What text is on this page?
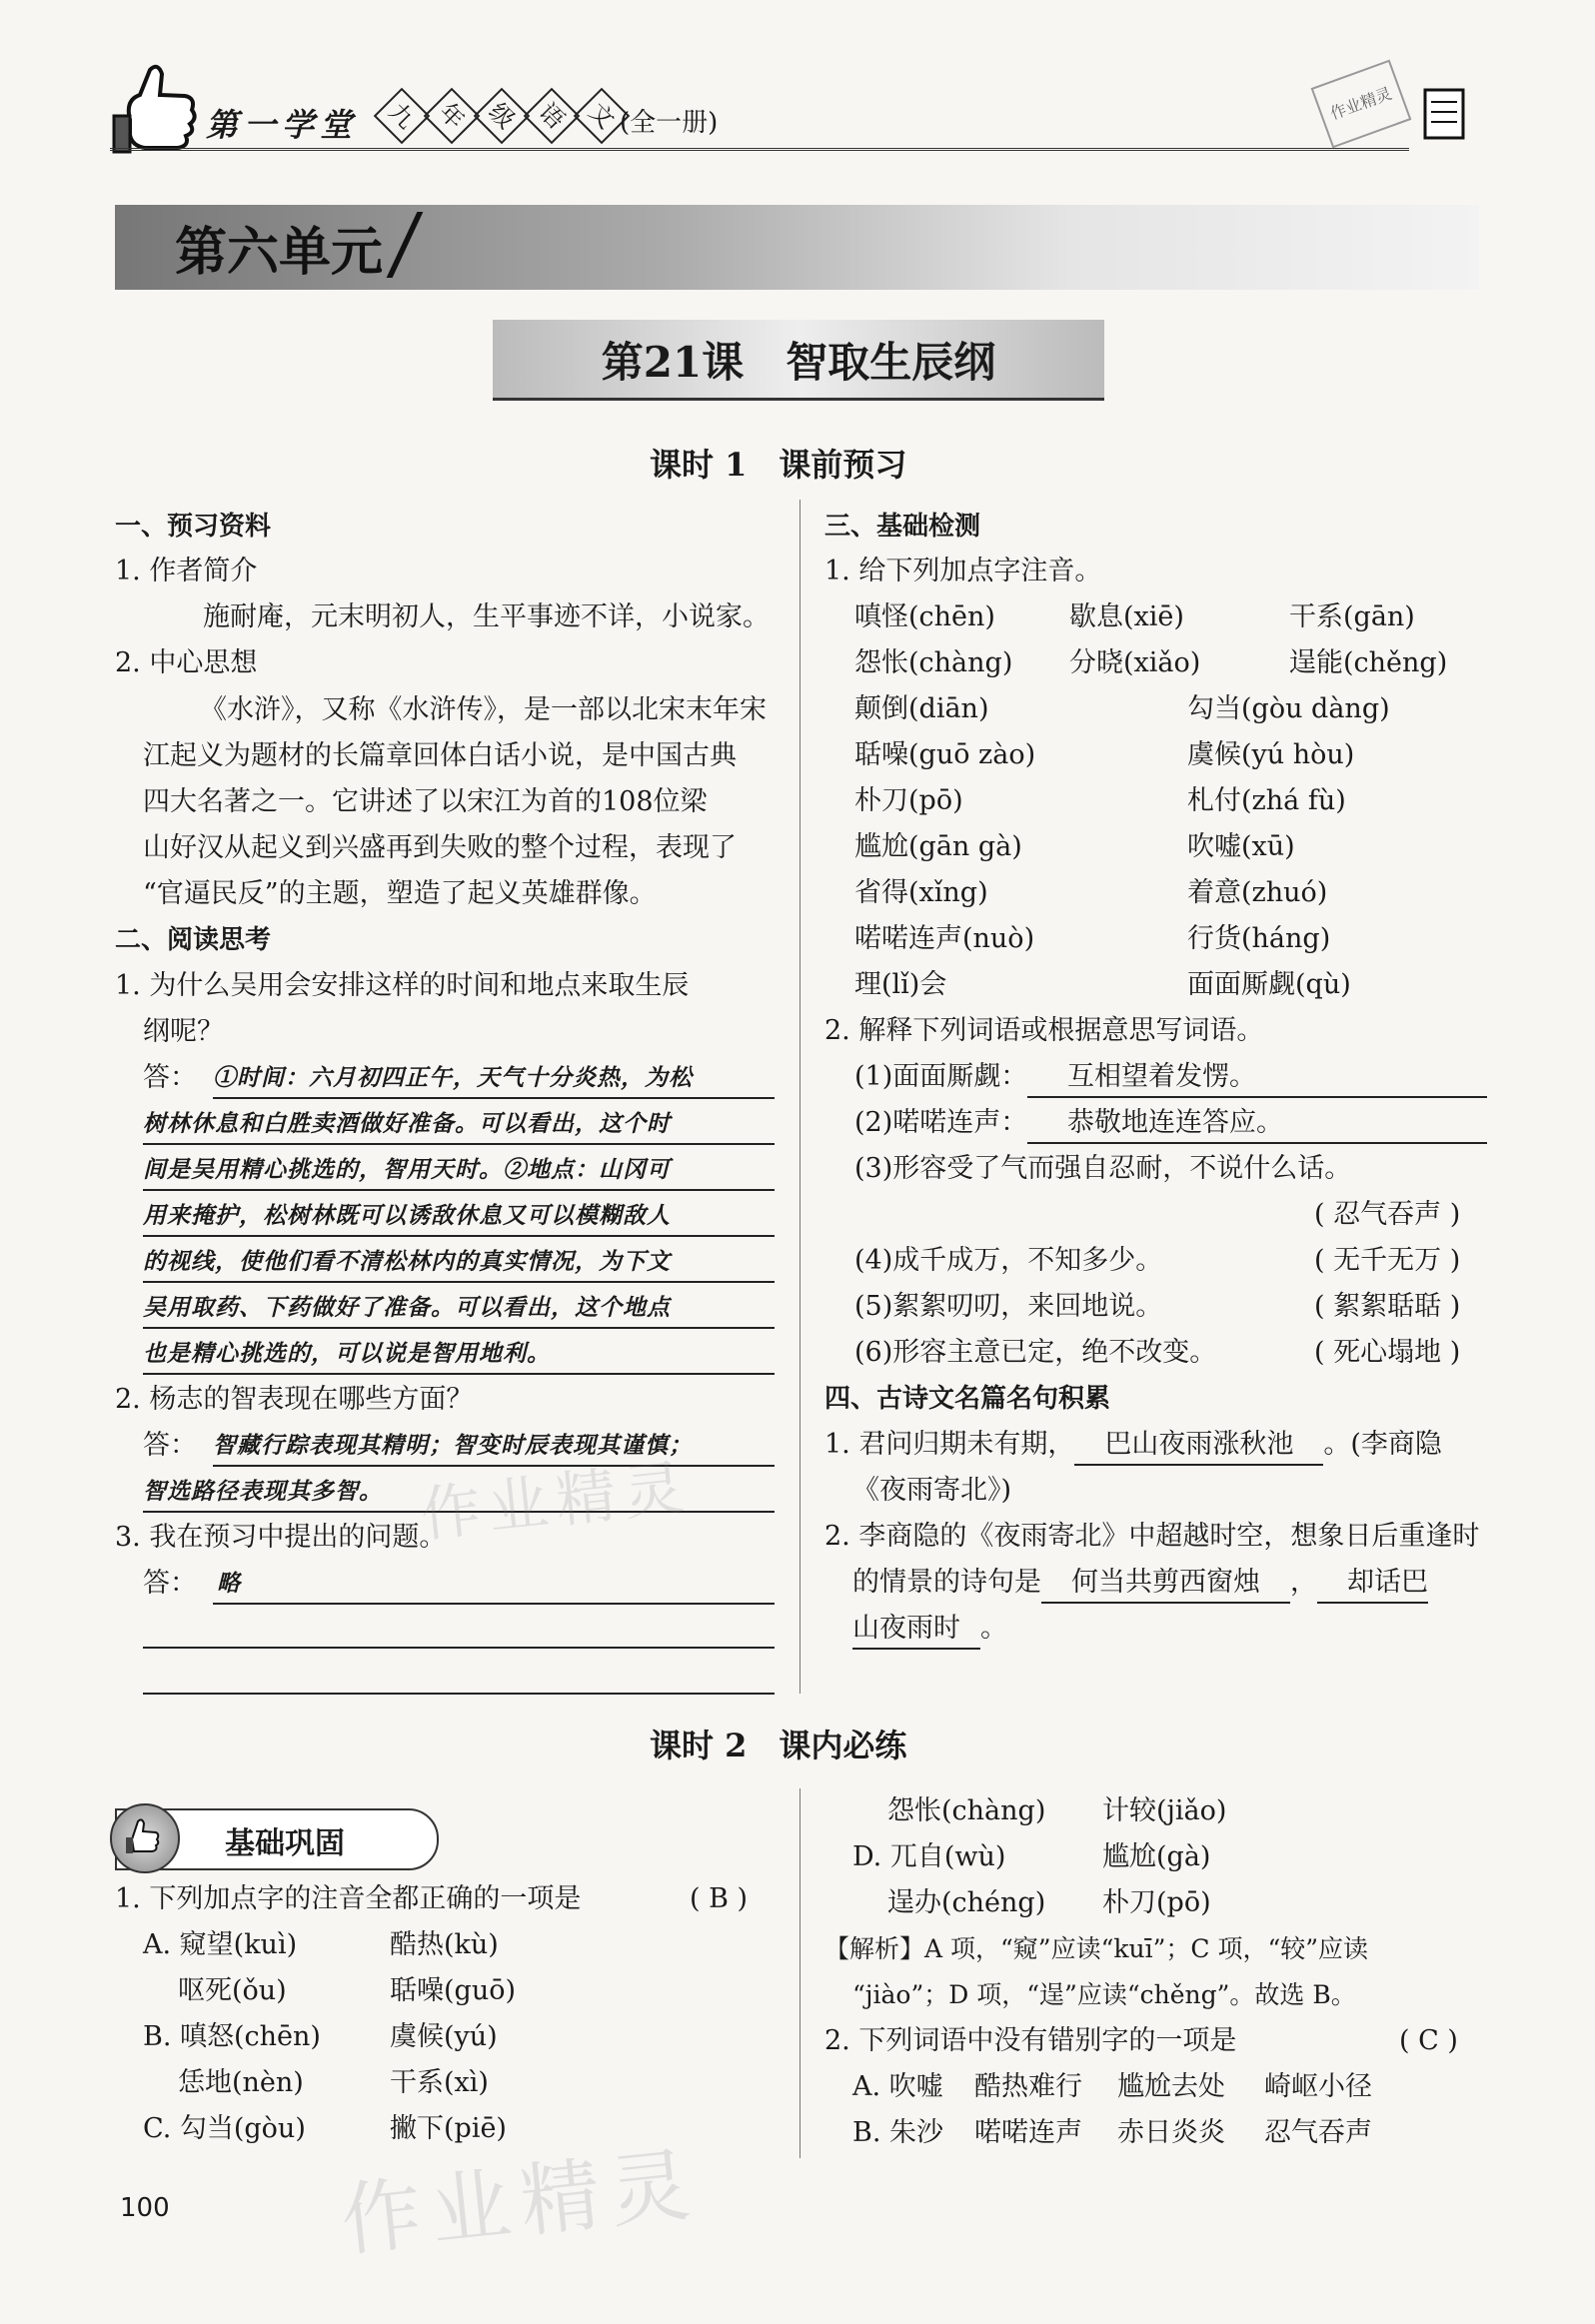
第一学堂	九 年 级 语 文 (全一册)	作业精灵
第六单元
第21课　智取生辰纲
课时 1　课前预习
一、预习资料
1. 作者简介
施耐庵，元末明初人，生平事迹不详，小说家。
2. 中心思想
《水浒》，又称《水浒传》，是一部以北宋末年宋
江起义为题材的长篇章回体白话小说，是中国古典
四大名著之一。它讲述了以宋江为首的108位梁
山好汉从起义到兴盛再到失败的整个过程，表现了
“官逼民反”的主题，塑造了起义英雄群像。
二、阅读思考
1. 为什么吴用会安排这样的时间和地点来取生辰
纲呢？
答： ①时间：六月初四正午，天气十分炎热，为松
树林休息和白胜卖酒做好准备。可以看出，这个时
间是吴用精心挑选的，智用天时。②地点：山冈可
用来掩护，松树林既可以诱敌休息又可以模糊敌人
的视线，使他们看不清松林内的真实情况，为下文
吴用取药、下药做好了准备。可以看出，这个地点
也是精心挑选的，可以说是智用地利。
2. 杨志的智表现在哪些方面？
答： 智藏行踪表现其精明；智变时辰表现其谨慎；
智选路径表现其多智。
3. 我在预习中提出的问题。
答： 略
三、基础检测
1. 给下列加点字注音。
嗔怪(chēn)	歇息(xiē)	干系(gān)
怨怅(chàng) 分晓(xiǎo)	逞能(chěng)
颠倒(diān)	勾当(gòu dàng)
聒噪(guō zào)	虞候(yú hòu)
朴刀(pō)	札付(zhá fù)
尴尬(gān gà)	吹嘘(xū)
省得(xǐng)	着意(zhuó)
喏喏连声(nuò)	行货(háng)
理(lǐ)会	面面厮觑(qù)
2. 解释下列词语或根据意思写词语。
(1)面面厮觑：	互相望着发愣。
(2)喏喏连声：	恭敬地连连答应。
(3)形容受了气而强自忍耐，不说什么话。
( 忍气吞声 )
(4)成千成万，不知多少。	( 无千无万 )
(5)絮絮叨叨，来回地说。	( 絮絮聒聒 )
(6)形容主意已定，绝不改变。	( 死心塌地 )
四、古诗文名篇名句积累
1. 君问归期未有期， 巴山夜雨涨秋池 。(李商隐
《夜雨寄北》)
2. 李商隐的《夜雨寄北》中超越时空，想象日后重逢时
的情景的诗句是 何当共剪西窗烛 ， 却话巴
山夜雨时 。
课时 2　课内必练
基础巩固
1. 下列加点字的注音全都正确的一项是	( B )
A. 窥望(kuì)	酷热(kù)
呕死(ǒu)	聒噪(guō)
B. 嗔怒(chēn)	虞候(yú)
恁地(nèn)	干系(xì)
C. 勾当(gòu)	撇下(piē)
怨怅(chàng) 计较(jiǎo)
D. 兀自(wù)	尴尬(gà)
逞办(chéng) 朴刀(pō)
【解析】A 项，“窥”应读“kuī”；C 项，“较”应读
“jiào”；D 项，“逞”应读“chěng”。故选 B。
2. 下列词语中没有错别字的一项是	( C )
A. 吹嘘 酷热难行 尴尬去处 崎岖小径
B. 朱沙 喏喏连声 赤日炎炎 忍气吞声
作业精灵
作业精灵
100
